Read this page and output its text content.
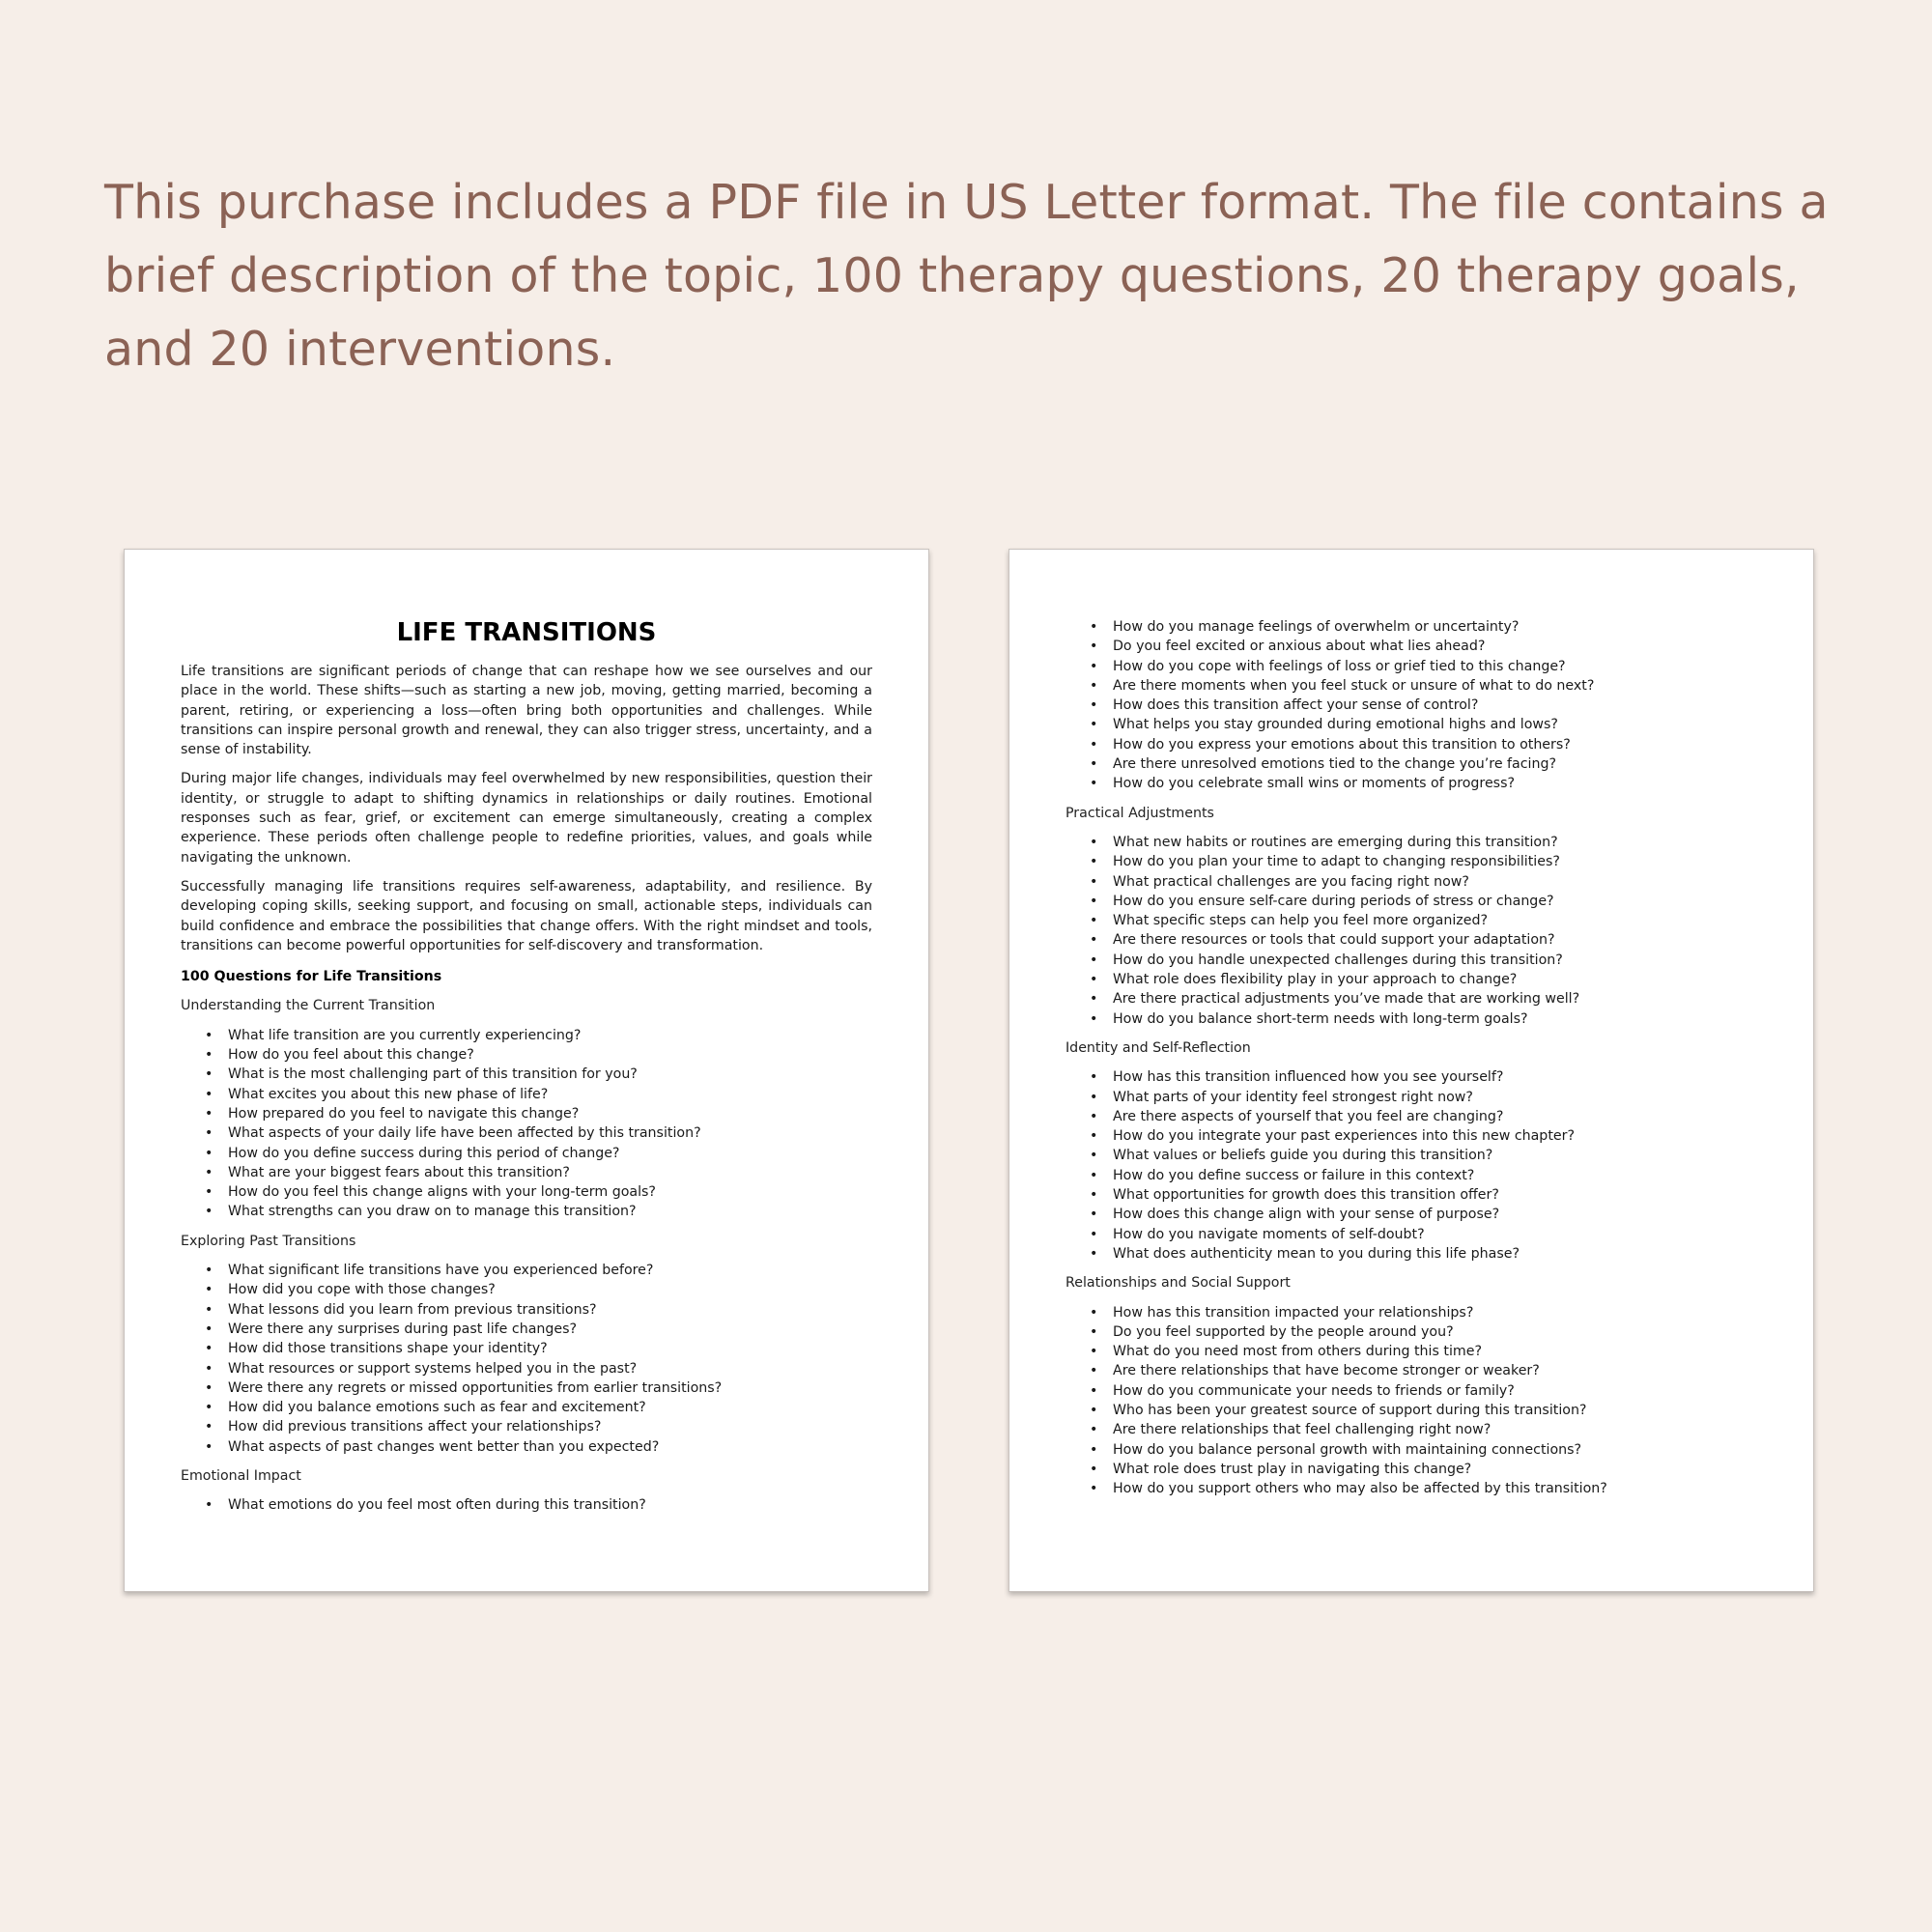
This purchase includes a PDF file in US Letter format. The file contains a brief description of the topic, 100 therapy questions, 20 therapy goals, and 20 interventions.

LIFE TRANSITIONS

Life transitions are significant periods of change that can reshape how we see ourselves and our place in the world. These shifts—such as starting a new job, moving, getting married, becoming a parent, retiring, or experiencing a loss—often bring both opportunities and challenges. While transitions can inspire personal growth and renewal, they can also trigger stress, uncertainty, and a sense of instability.

During major life changes, individuals may feel overwhelmed by new responsibilities, question their identity, or struggle to adapt to shifting dynamics in relationships or daily routines. Emotional responses such as fear, grief, or excitement can emerge simultaneously, creating a complex experience. These periods often challenge people to redefine priorities, values, and goals while navigating the unknown.

Successfully managing life transitions requires self-awareness, adaptability, and resilience. By developing coping skills, seeking support, and focusing on small, actionable steps, individuals can build confidence and embrace the possibilities that change offers. With the right mindset and tools, transitions can become powerful opportunities for self-discovery and transformation.

100 Questions for Life Transitions

Understanding the Current Transition

• What life transition are you currently experiencing?
• How do you feel about this change?
• What is the most challenging part of this transition for you?
• What excites you about this new phase of life?
• How prepared do you feel to navigate this change?
• What aspects of your daily life have been affected by this transition?
• How do you define success during this period of change?
• What are your biggest fears about this transition?
• How do you feel this change aligns with your long-term goals?
• What strengths can you draw on to manage this transition?

Exploring Past Transitions

• What significant life transitions have you experienced before?
• How did you cope with those changes?
• What lessons did you learn from previous transitions?
• Were there any surprises during past life changes?
• How did those transitions shape your identity?
• What resources or support systems helped you in the past?
• Were there any regrets or missed opportunities from earlier transitions?
• How did you balance emotions such as fear and excitement?
• How did previous transitions affect your relationships?
• What aspects of past changes went better than you expected?

Emotional Impact

• What emotions do you feel most often during this transition?
• How do you manage feelings of overwhelm or uncertainty?
• Do you feel excited or anxious about what lies ahead?
• How do you cope with feelings of loss or grief tied to this change?
• Are there moments when you feel stuck or unsure of what to do next?
• How does this transition affect your sense of control?
• What helps you stay grounded during emotional highs and lows?
• How do you express your emotions about this transition to others?
• Are there unresolved emotions tied to the change you’re facing?
• How do you celebrate small wins or moments of progress?

Practical Adjustments

• What new habits or routines are emerging during this transition?
• How do you plan your time to adapt to changing responsibilities?
• What practical challenges are you facing right now?
• How do you ensure self-care during periods of stress or change?
• What specific steps can help you feel more organized?
• Are there resources or tools that could support your adaptation?
• How do you handle unexpected challenges during this transition?
• What role does flexibility play in your approach to change?
• Are there practical adjustments you’ve made that are working well?
• How do you balance short-term needs with long-term goals?

Identity and Self-Reflection

• How has this transition influenced how you see yourself?
• What parts of your identity feel strongest right now?
• Are there aspects of yourself that you feel are changing?
• How do you integrate your past experiences into this new chapter?
• What values or beliefs guide you during this transition?
• How do you define success or failure in this context?
• What opportunities for growth does this transition offer?
• How does this change align with your sense of purpose?
• How do you navigate moments of self-doubt?
• What does authenticity mean to you during this life phase?

Relationships and Social Support

• How has this transition impacted your relationships?
• Do you feel supported by the people around you?
• What do you need most from others during this time?
• Are there relationships that have become stronger or weaker?
• How do you communicate your needs to friends or family?
• Who has been your greatest source of support during this transition?
• Are there relationships that feel challenging right now?
• How do you balance personal growth with maintaining connections?
• What role does trust play in navigating this change?
• How do you support others who may also be affected by this transition?
